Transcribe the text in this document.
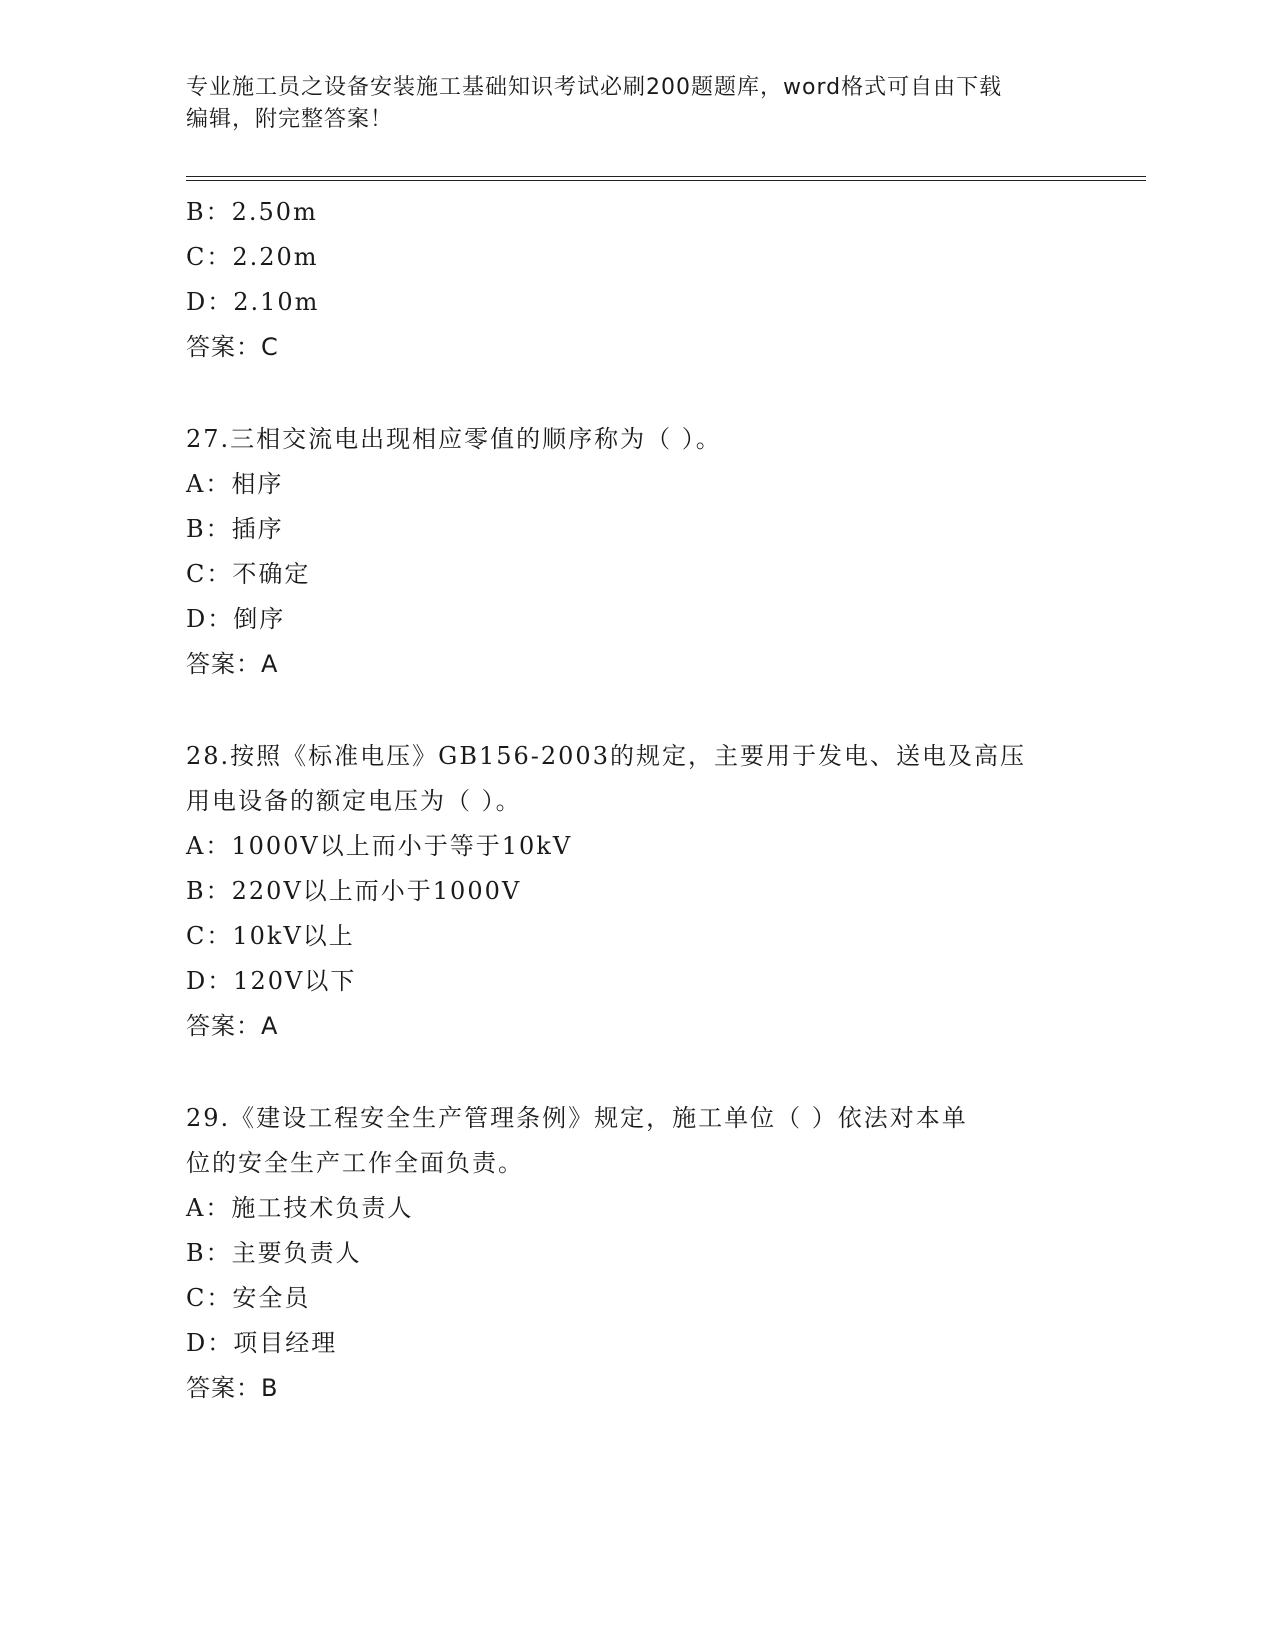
专业施工员之设备安装施工基础知识考试必刷200题题库，word格式可自由下载
编辑，附完整答案！
B：2.50m
C：2.20m
D：2.10m
答案：C
27.三相交流电出现相应零值的顺序称为（ ）。
A：相序
B：插序
C：不确定
D：倒序
答案：A
28.按照《标准电压》GB156-2003的规定，主要用于发电、送电及高压
用电设备的额定电压为（ ）。
A：1000V以上而小于等于10kV
B：220V以上而小于1000V
C：10kV以上
D：120V以下
答案：A
29.《建设工程安全生产管理条例》规定，施工单位（ ）依法对本单
位的安全生产工作全面负责。
A：施工技术负责人
B：主要负责人
C：安全员
D：项目经理
答案：B
